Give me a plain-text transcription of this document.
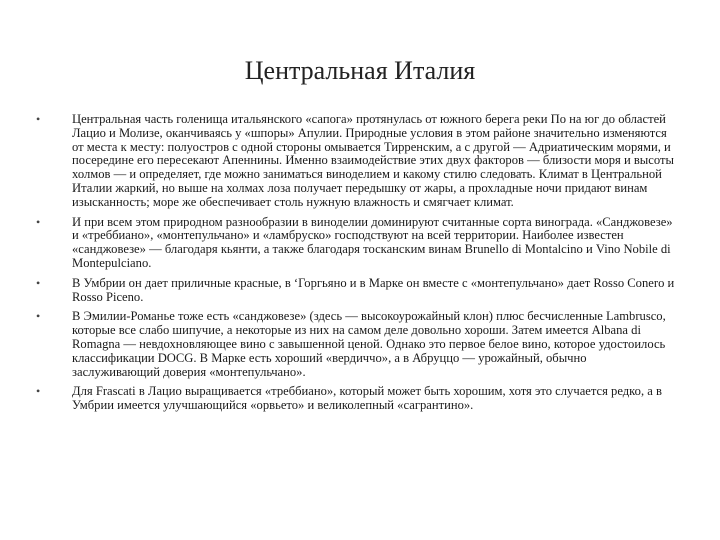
Центральная Италия
•	Центральная часть голенища итальянского «сапога» протянулась от южного берега реки По на юг до областей Лацио и Молизе, оканчиваясь у «шпоры» Апулии. Природные условия в этом районе значительно изменяются от места к месту: полуостров с одной стороны омывается Тирренским, а с другой — Адриатическим морями, и посередине его пересекают Апеннины. Именно взаимодействие этих двух факторов — близости моря и высоты холмов — и определяет, где можно заниматься виноделием и какому стилю следовать. Климат в Центральной Италии жаркий, но выше на холмах лоза получает передышку от жары, а прохладные ночи придают винам изысканность; море же обеспечивает столь нужную влажность и смягчает климат.
•	И при всем этом природном разнообразии в виноделии доминируют считанные сорта винограда. «Санджовезе» и «треббиано», «монтепульчано» и «ламбруско» господствуют на всей территории. Наиболее известен «санджовезе» — благодаря кьянти, а также благодаря тосканским винам Brunello di Montalcino и Vino Nobile di Montepulciano.
•	В Умбрии он дает приличные красные, в ‘Горгьяно и в Марке он вместе с «монтепульчано» дает Rosso Conero и Rosso Piceno.
•	В Эмилии-Романье тоже есть «санджовезе» (здесь — высокоурожайный клон) плюс бесчисленные Lambrusco, которые все слабо шипучие, а некоторые из них на самом деле довольно хороши. Затем имеется Albana di Romagna — невдохновляющее вино с завышенной ценой. Однако это первое белое вино, которое удостоилось классификации DOCG. В Марке есть хороший «вердиччо», а в Абруццо — урожайный, обычно заслуживающий доверия «монтепульчано».
•	Для Frascati в Лацио выращивается «треббиано», который может быть хорошим, хотя это случается редко, а в Умбрии имеется улучшающийся «орвьето» и великолепный «сагрантино».
